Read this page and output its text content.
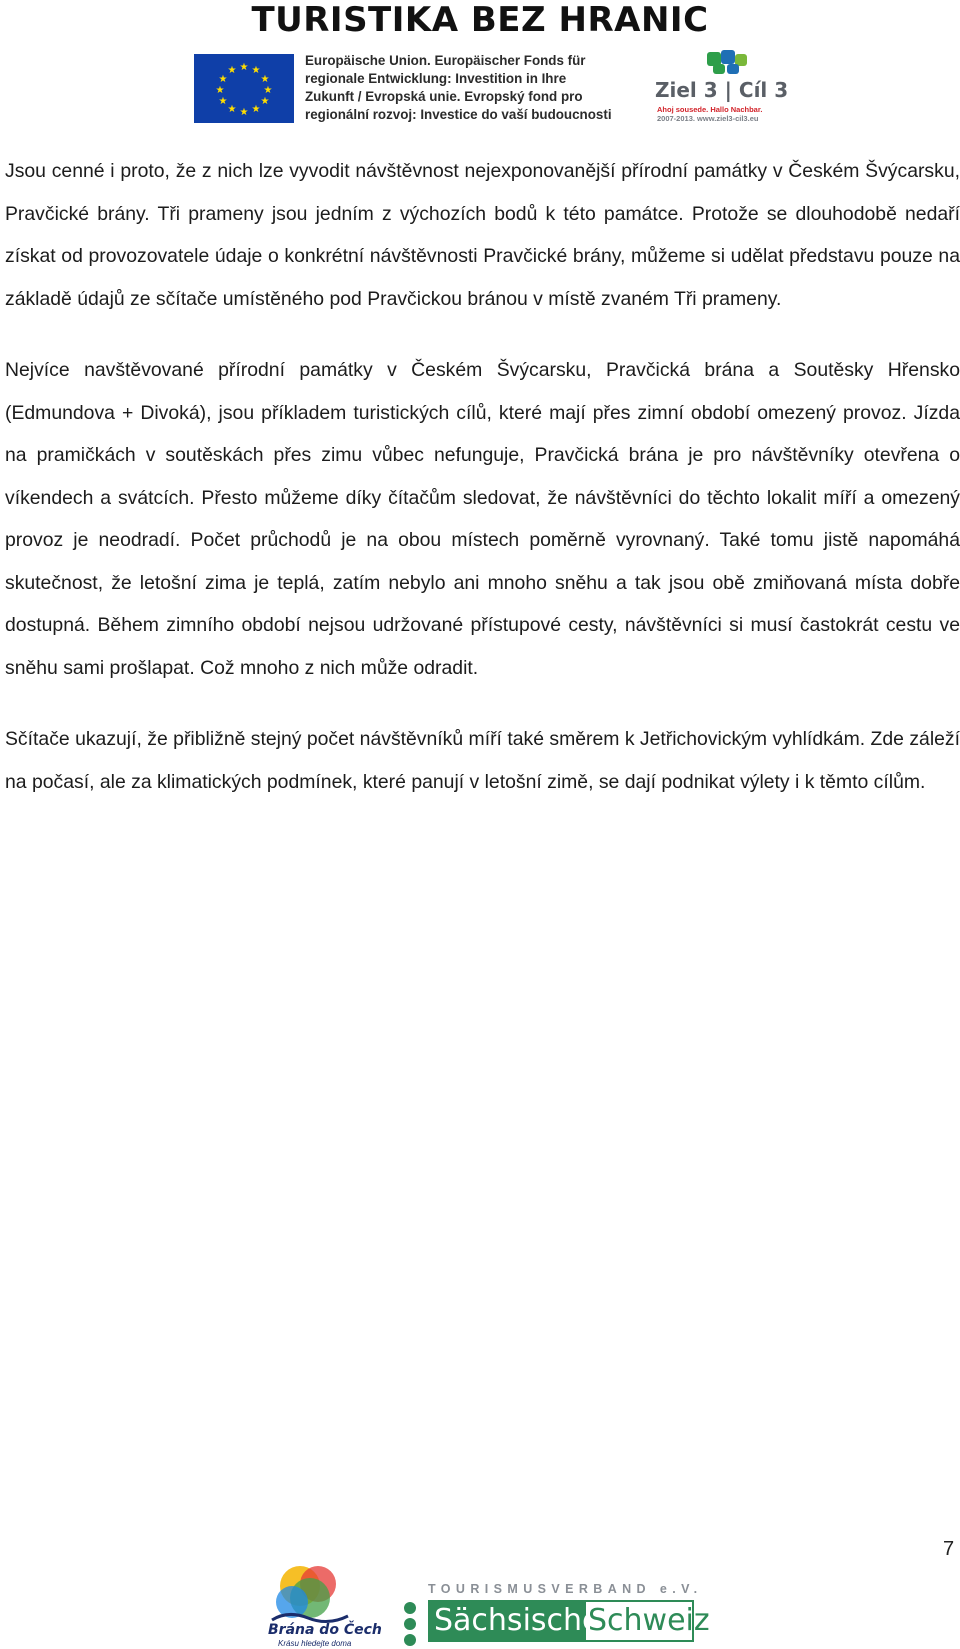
TURISTIKA BEZ HRANIC
★ ★
★
★
★
★
★
★
★
★
★
★
Europäische Union. Europäischer Fonds für
regionale Entwicklung: Investition in Ihre
Zukunft / Evropská unie. Evropský fond pro
regionální rozvoj: Investice do vaší budoucnosti
Ziel 3 | Cíl 3
Ahoj sousede. Hallo Nachbar.
2007-2013. www.ziel3-cil3.eu

Jsou cenné i proto, že z nich lze vyvodit návštěvnost nejexponovanější přírodní památky v Českém Švýcarsku, Pravčické brány. Tři prameny jsou jedním z výchozích bodů k této památce. Protože se dlouhodobě nedaří získat od provozovatele údaje o konkrétní návštěvnosti Pravčické brány, můžeme si udělat představu pouze na základě údajů ze sčítače umístěného pod Pravčickou bránou v místě zvaném Tři prameny.

Nejvíce navštěvované přírodní památky v Českém Švýcarsku, Pravčická brána a Soutěsky Hřensko (Edmundova + Divoká), jsou příkladem turistických cílů, které mají přes zimní období omezený provoz. Jízda na pramičkách v soutěskách přes zimu vůbec nefunguje, Pravčická brána je pro návštěvníky otevřena o víkendech a svátcích. Přesto můžeme díky čítačům sledovat, že návštěvníci do těchto lokalit míří a omezený provoz je neodradí. Počet průchodů je na obou místech poměrně vyrovnaný. Také tomu jistě napomáhá skutečnost, že letošní zima je teplá, zatím nebylo ani mnoho sněhu a tak jsou obě zmiňovaná místa dobře dostupná. Během zimního období nejsou udržované přístupové cesty, návštěvníci si musí častokrát cestu ve sněhu sami prošlapat. Což mnoho z nich může odradit.

Sčítače ukazují, že přibližně stejný počet návštěvníků míří také směrem k Jetřichovickým vyhlídkám. Zde záleží na počasí, ale za klimatických podmínek, které panují v letošní zimě, se dají podnikat výlety i k těmto cílům.

7
Brána do Čech
Krásu hledejte doma
TOURISMUSVERBAND e.V.
Sächsische
Schweiz
